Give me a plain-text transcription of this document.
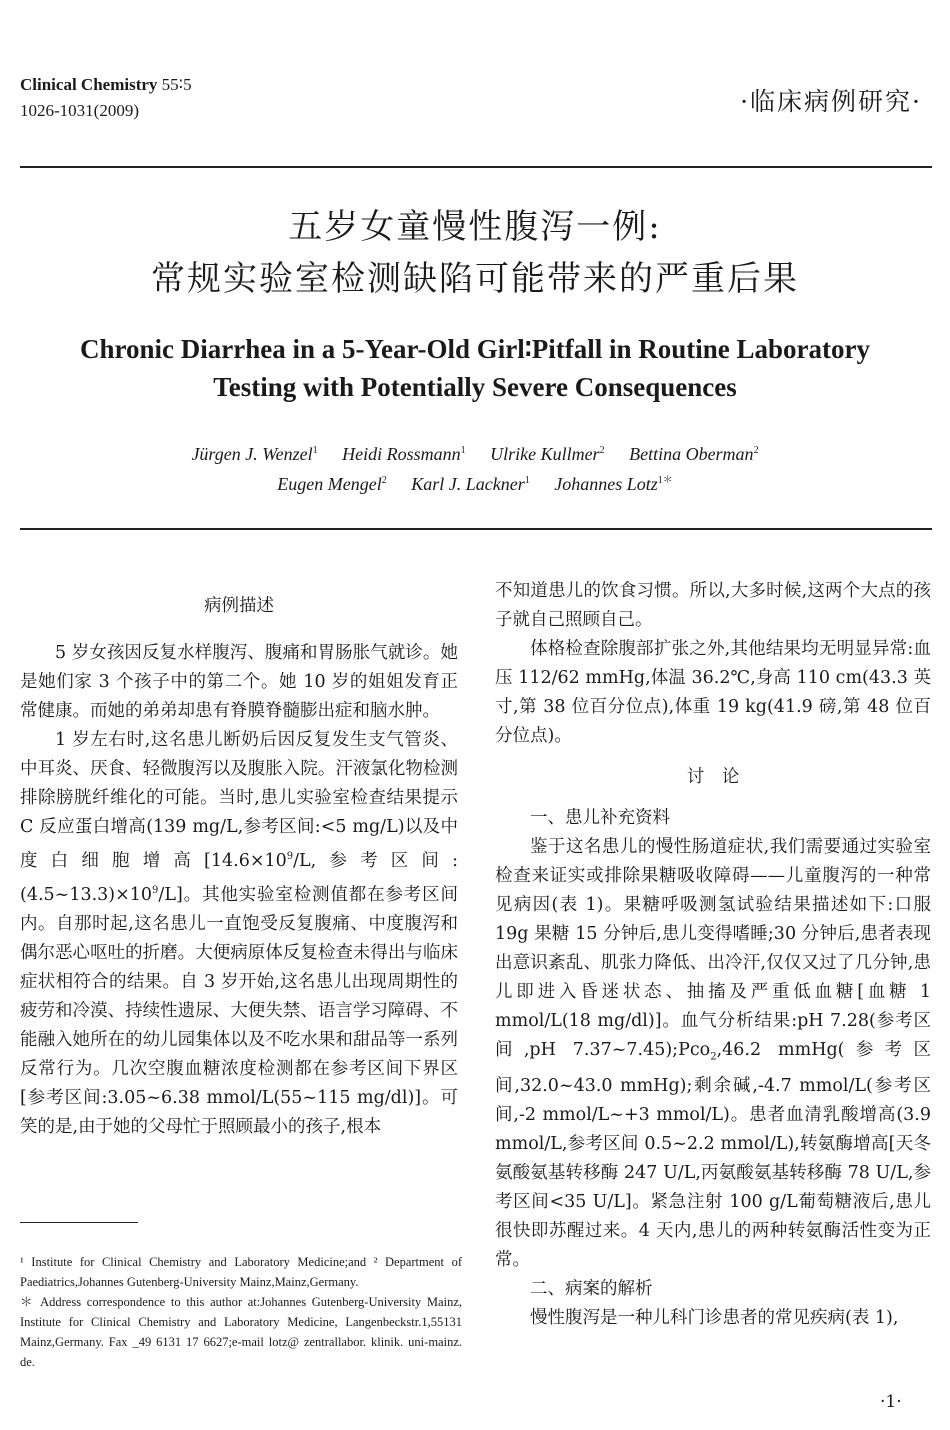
Clinical Chemistry 55∶5
1026-1031(2009)	·临床病例研究·
五岁女童慢性腹泻一例:
常规实验室检测缺陷可能带来的严重后果
Chronic Diarrhea in a 5-Year-Old Girl∶Pitfall in Routine Laboratory
Testing with Potentially Severe Consequences
Jürgen J. Wenzel$^1$ Heidi Rossmann$^1$ Ulrike Kullmer$^2$ Bettina Oberman$^2$
Eugen Mengel$^2$ Karl J. Lackner$^1$ Johannes Lotz$^{1*}$
病例描述

5 岁女孩因反复水样腹泻、腹痛和胃肠胀气就诊。她是她们家 3 个孩子中的第二个。她 10 岁的姐姐发育正常健康。而她的弟弟却患有脊膜脊髓膨出症和脑水肿。

1 岁左右时,这名患儿断奶后因反复发生支气管炎、中耳炎、厌食、轻微腹泻以及腹胀入院。汗液氯化物检测排除膀胱纤维化的可能。当时,患儿实验室检查结果提示 C 反应蛋白增高(139 mg/L,参考区间:<5 mg/L)以及中度白细胞增高[$14.6\times 10^9/L$,参考区间$:(4.5\sim 13.3)\times 10^9/L$]。其他实验室检测值都在参考区间内。自那时起,这名患儿一直饱受反复腹痛、中度腹泻和偶尔恶心呕吐的折磨。大便病原体反复检查未得出与临床症状相符合的结果。自 3 岁开始,这名患儿出现周期性的疲劳和冷漠、持续性遗尿、大便失禁、语言学习障碍、不能融入她所在的幼儿园集体以及不吃水果和甜品等一系列反常行为。几次空腹血糖浓度检测都在参考区间下界区[参考区间:3.05~6.38 mmol/L(55~115 mg/dl)]。可笑的是,由于她的父母忙于照顾最小的孩子,根本

¹ Institute for Clinical Chemistry and Laboratory Medicine;and ² Department of Paediatrics,Johannes Gutenberg-University Mainz,Mainz,Germany.

＊ Address correspondence to this author at:Johannes Gutenberg-University Mainz, Institute for Clinical Chemistry and Laboratory Medicine, Langenbeckstr.1,55131 Mainz,Germany. Fax _49 6131 17 6627;e-mail lotz@ zentrallabor. klinik. uni-mainz. de.

不知道患儿的饮食习惯。所以,大多时候,这两个大点的孩子就自己照顾自己。

体格检查除腹部扩张之外,其他结果均无明显异常:血压 112/62 mmHg,体温 36.2℃,身高 110 cm(43.3 英寸,第 38 位百分位点),体重 19 kg(41.9 磅,第 48 位百分位点)。

讨　论

一、患儿补充资料

鉴于这名患儿的慢性肠道症状,我们需要通过实验室检查来证实或排除果糖吸收障碍——儿童腹泻的一种常见病因(表 1)。果糖呼吸测氢试验结果描述如下:口服 19g 果糖 15 分钟后,患儿变得嗜睡;30 分钟后,患者表现出意识紊乱、肌张力降低、出冷汗,仅仅又过了几分钟,患儿即进入昏迷状态、抽搐及严重低血糖[血糖 1 mmol/L(18 mg/dl)]。血气分析结果:pH 7.28(参考区间,pH 7.37~7.45);Pco$_2$,46.2 mmHg(参考区间,32.0~43.0 mmHg);剩余碱,-4.7 mmol/L(参考区间,-2 mmol/L~+3 mmol/L)。患者血清乳酸增高(3.9 mmol/L,参考区间 0.5~2.2 mmol/L),转氨酶增高[天冬氨酸氨基转移酶 247 U/L,丙氨酸氨基转移酶 78 U/L,参考区间<35 U/L]。紧急注射 100 g/L葡萄糖液后,患儿很快即苏醒过来。4 天内,患儿的两种转氨酶活性变为正常。

二、病案的解析

慢性腹泻是一种儿科门诊患者的常见疾病(表 1),

·1·
